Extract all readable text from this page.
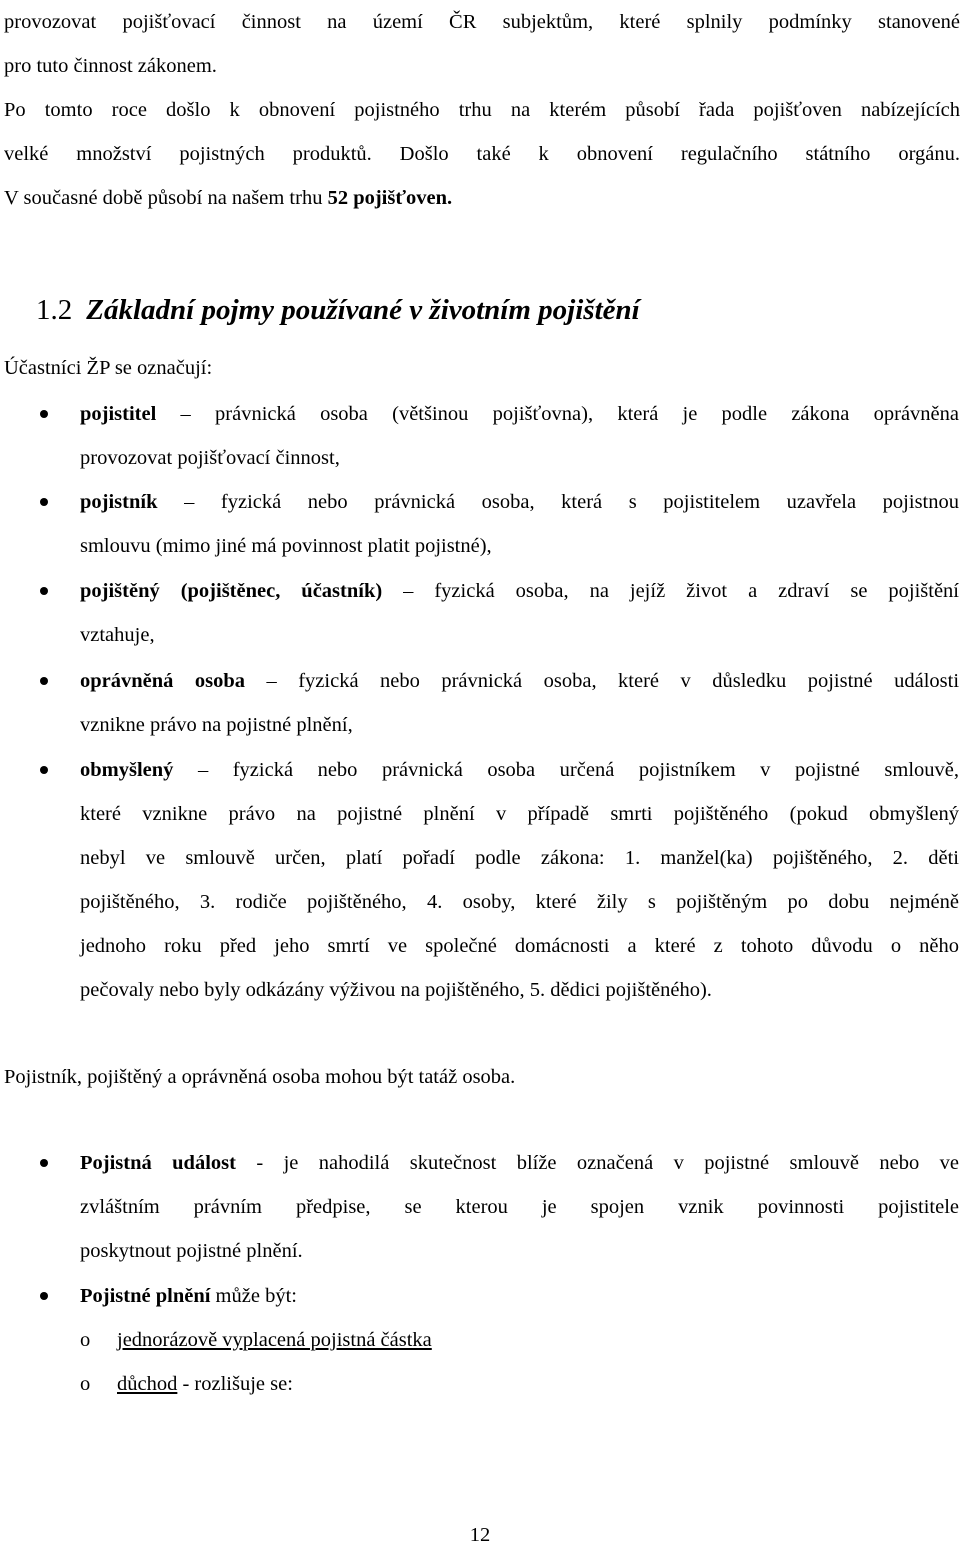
provozovat pojišťovací činnost na území ČR subjektům, které splnily podmínky stanovené
pro tuto činnost zákonem.
Po tomto roce došlo k obnovení pojistného trhu na kterém působí řada pojišťoven nabízejících
velké množství pojistných produktů. Došlo také k obnovení regulačního státního orgánu.
V současné době působí na našem trhu 52 pojišťoven.
1.2 Základní pojmy používané v životním pojištění
Účastníci ŽP se označují:
pojistitel – právnická osoba (většinou pojišťovna), která je podle zákona oprávněna
provozovat pojišťovací činnost,
pojistník – fyzická nebo právnická osoba, která s pojistitelem uzavřela pojistnou
smlouvu (mimo jiné má povinnost platit pojistné),
pojištěný (pojištěnec, účastník) – fyzická osoba, na jejíž život a zdraví se pojištění
vztahuje,
oprávněná osoba – fyzická nebo právnická osoba, které v důsledku pojistné události
vznikne právo na pojistné plnění,
obmyšlený – fyzická nebo právnická osoba určená pojistníkem v pojistné smlouvě,
které vznikne právo na pojistné plnění v případě smrti pojištěného (pokud obmyšlený
nebyl ve smlouvě určen, platí pořadí podle zákona: 1. manžel(ka) pojištěného, 2. děti
pojištěného, 3. rodiče pojištěného, 4. osoby, které žily s pojištěným po dobu nejméně
jednoho roku před jeho smrtí ve společné domácnosti a které z tohoto důvodu o něho
pečovaly nebo byly odkázány výživou na pojištěného, 5. dědici pojištěného).
Pojistník, pojištěný a oprávněná osoba mohou být tatáž osoba.
Pojistná událost - je nahodilá skutečnost blíže označená v pojistné smlouvě nebo ve
zvláštním právním předpise, se kterou je spojen vznik povinnosti pojistitele
poskytnout pojistné plnění.
Pojistné plnění může být:
o jednorázově vyplacená pojistná částka
o důchod - rozlišuje se:
12
